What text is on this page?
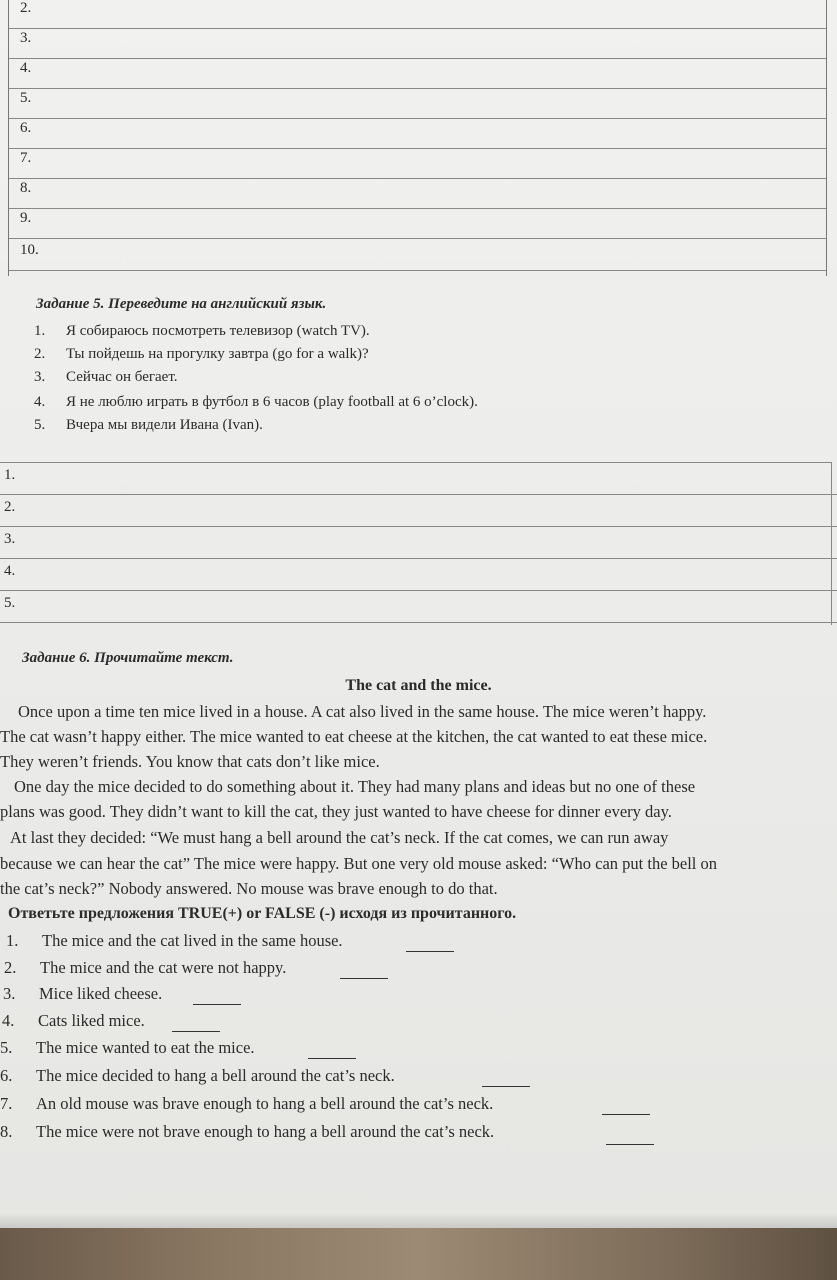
2.
3.
4.
5.
6.
7.
8.
9.
10.
Задание 5. Переведите на английский язык.
1. Я собираюсь посмотреть телевизор (watch TV).
2. Ты пойдешь на прогулку завтра (go for a walk)?
3. Сейчас он бегает.
4. Я не люблю играть в футбол в 6 часов (play football at 6 o’clock).
5. Вчера мы видели Ивана (Ivan).
1.
2.
3.
4.
5.
Задание 6. Прочитайте текст.
The cat and the mice.
Once upon a time ten mice lived in a house. A cat also lived in the same house. The mice weren’t happy.
The cat wasn’t happy either. The mice wanted to eat cheese at the kitchen, the cat wanted to eat these mice.
They weren’t friends. You know that cats don’t like mice.
One day the mice decided to do something about it. They had many plans and ideas but no one of these
plans was good. They didn’t want to kill the cat, they just wanted to have cheese for dinner every day.
At last they decided: “We must hang a bell around the cat’s neck. If the cat comes, we can run away
because we can hear the cat” The mice were happy. But one very old mouse asked: “Who can put the bell on
the cat’s neck?” Nobody answered. No mouse was brave enough to do that.
Ответьте предложения TRUE(+) or FALSE (-) исходя из прочитанного.
1. The mice and the cat lived in the same house.
2. The mice and the cat were not happy.
3. Mice liked cheese.
4. Cats liked mice.
5. The mice wanted to eat the mice.
6. The mice decided to hang a bell around the cat’s neck.
7. An old mouse was brave enough to hang a bell around the cat’s neck.
8. The mice were not brave enough to hang a bell around the cat’s neck.
